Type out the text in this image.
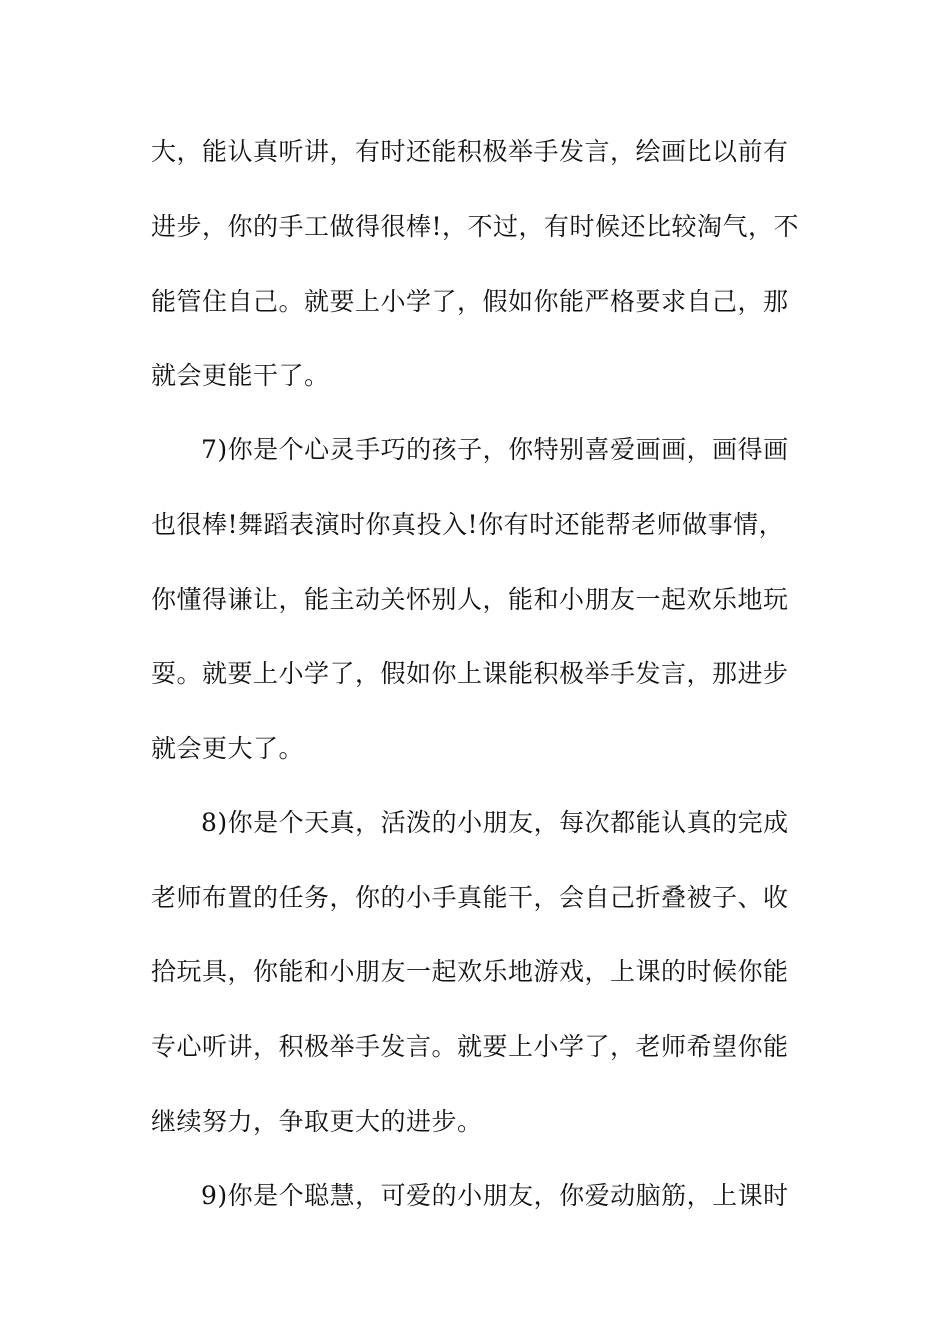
大，能认真听讲，有时还能积极举手发言，绘画比以前有
进步，你的手工做得很棒!，不过，有时候还比较淘气，不
能管住自己。就要上小学了，假如你能严格要求自己，那
就会更能干了。
7)你是个心灵手巧的孩子，你特别喜爱画画，画得画
也很棒!舞蹈表演时你真投入!你有时还能帮老师做事情，
你懂得谦让，能主动关怀别人，能和小朋友一起欢乐地玩
耍。就要上小学了，假如你上课能积极举手发言，那进步
就会更大了。
8)你是个天真，活泼的小朋友，每次都能认真的完成
老师布置的任务，你的小手真能干，会自己折叠被子、收
拾玩具，你能和小朋友一起欢乐地游戏，上课的时候你能
专心听讲，积极举手发言。就要上小学了，老师希望你能
继续努力，争取更大的进步。
9)你是个聪慧，可爱的小朋友，你爱动脑筋，上课时
